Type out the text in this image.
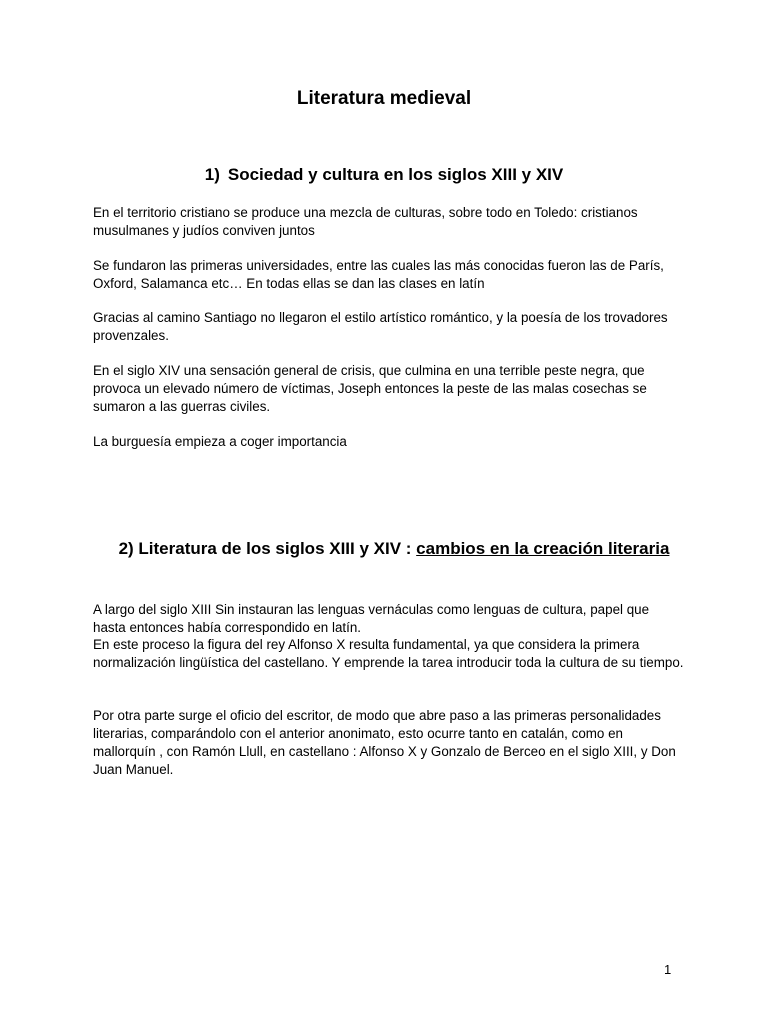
Literatura medieval
1) Sociedad y cultura en los siglos XIII y XIV

En el territorio cristiano se produce una mezcla de culturas, sobre todo en Toledo: cristianos musulmanes y judíos conviven juntos

Se fundaron las primeras universidades, entre las cuales las más conocidas fueron las de París, Oxford, Salamanca etc… En todas ellas se dan las clases en latín

Gracias al camino Santiago no llegaron el estilo artístico romántico, y la poesía de los trovadores provenzales.

En el siglo XIV una sensación general de crisis, que culmina en una terrible peste negra, que provoca un elevado número de víctimas, Joseph entonces la peste de las malas cosechas se sumaron a las guerras civiles.

La burguesía empieza a coger importancia

2) Literatura de los siglos XIII y XIV : cambios en la creación literaria

A largo del siglo XIII Sin instauran las lenguas vernáculas como lenguas de cultura, papel que hasta entonces había correspondido en latín.

En este proceso la figura del rey Alfonso X resulta fundamental, ya que considera la primera normalización lingüística del castellano. Y emprende la tarea introducir toda la cultura de su tiempo.

Por otra parte surge el oficio del escritor, de modo que abre paso a las primeras personalidades literarias, comparándolo con el anterior anonimato, esto ocurre tanto en catalán, como en mallorquín , con Ramón Llull, en castellano : Alfonso X y Gonzalo de Berceo en el siglo XIII, y Don Juan Manuel.

1
